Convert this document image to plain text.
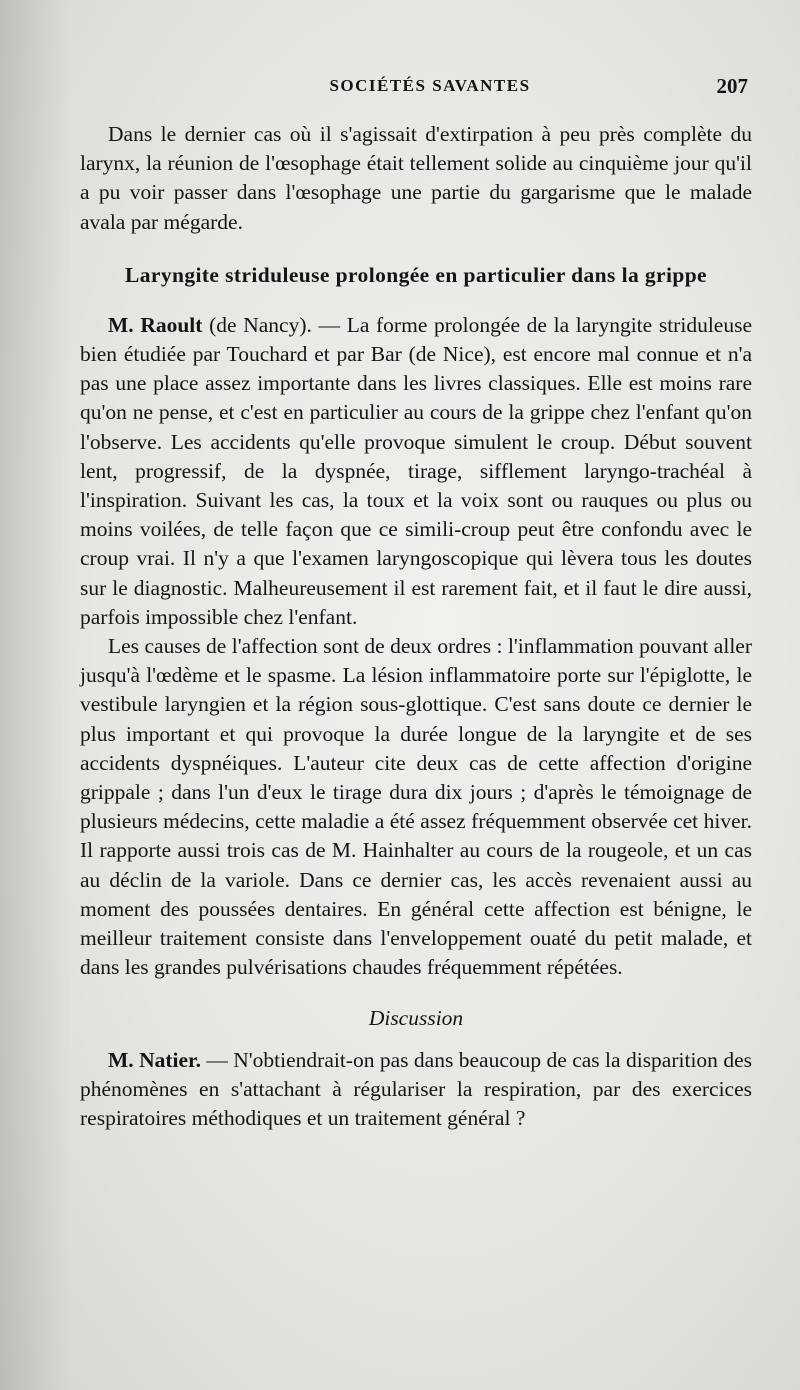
SOCIÉTÉS SAVANTES	207

Dans le dernier cas où il s'agissait d'extirpation à peu près complète du larynx, la réunion de l'œsophage était tellement solide au cinquième jour qu'il a pu voir passer dans l'œsophage une partie du gargarisme que le malade avala par mégarde.

Laryngite striduleuse prolongée en particulier dans la grippe

M. Raoult (de Nancy). — La forme prolongée de la laryngite striduleuse bien étudiée par Touchard et par Bar (de Nice), est encore mal connue et n'a pas une place assez importante dans les livres classiques. Elle est moins rare qu'on ne pense, et c'est en particulier au cours de la grippe chez l'enfant qu'on l'observe. Les accidents qu'elle provoque simulent le croup. Début souvent lent, progressif, de la dyspnée, tirage, sifflement laryngo-trachéal à l'inspiration. Suivant les cas, la toux et la voix sont ou rauques ou plus ou moins voilées, de telle façon que ce simili-croup peut être confondu avec le croup vrai. Il n'y a que l'examen laryngoscopique qui lèvera tous les doutes sur le diagnostic. Malheureusement il est rarement fait, et il faut le dire aussi, parfois impossible chez l'enfant.

Les causes de l'affection sont de deux ordres : l'inflammation pouvant aller jusqu'à l'œdème et le spasme. La lésion inflammatoire porte sur l'épiglotte, le vestibule laryngien et la région sous-glottique. C'est sans doute ce dernier le plus important et qui provoque la durée longue de la laryngite et de ses accidents dyspnéiques. L'auteur cite deux cas de cette affection d'origine grippale ; dans l'un d'eux le tirage dura dix jours ; d'après le témoignage de plusieurs médecins, cette maladie a été assez fréquemment observée cet hiver. Il rapporte aussi trois cas de M. Hainhalter au cours de la rougeole, et un cas au déclin de la variole. Dans ce dernier cas, les accès revenaient aussi au moment des poussées dentaires. En général cette affection est bénigne, le meilleur traitement consiste dans l'enveloppement ouaté du petit malade, et dans les grandes pulvérisations chaudes fréquemment répétées.

Discussion

M. Natier. — N'obtiendrait-on pas dans beaucoup de cas la disparition des phénomènes en s'attachant à régulariser la respiration, par des exercices respiratoires méthodiques et un traitement général ?
